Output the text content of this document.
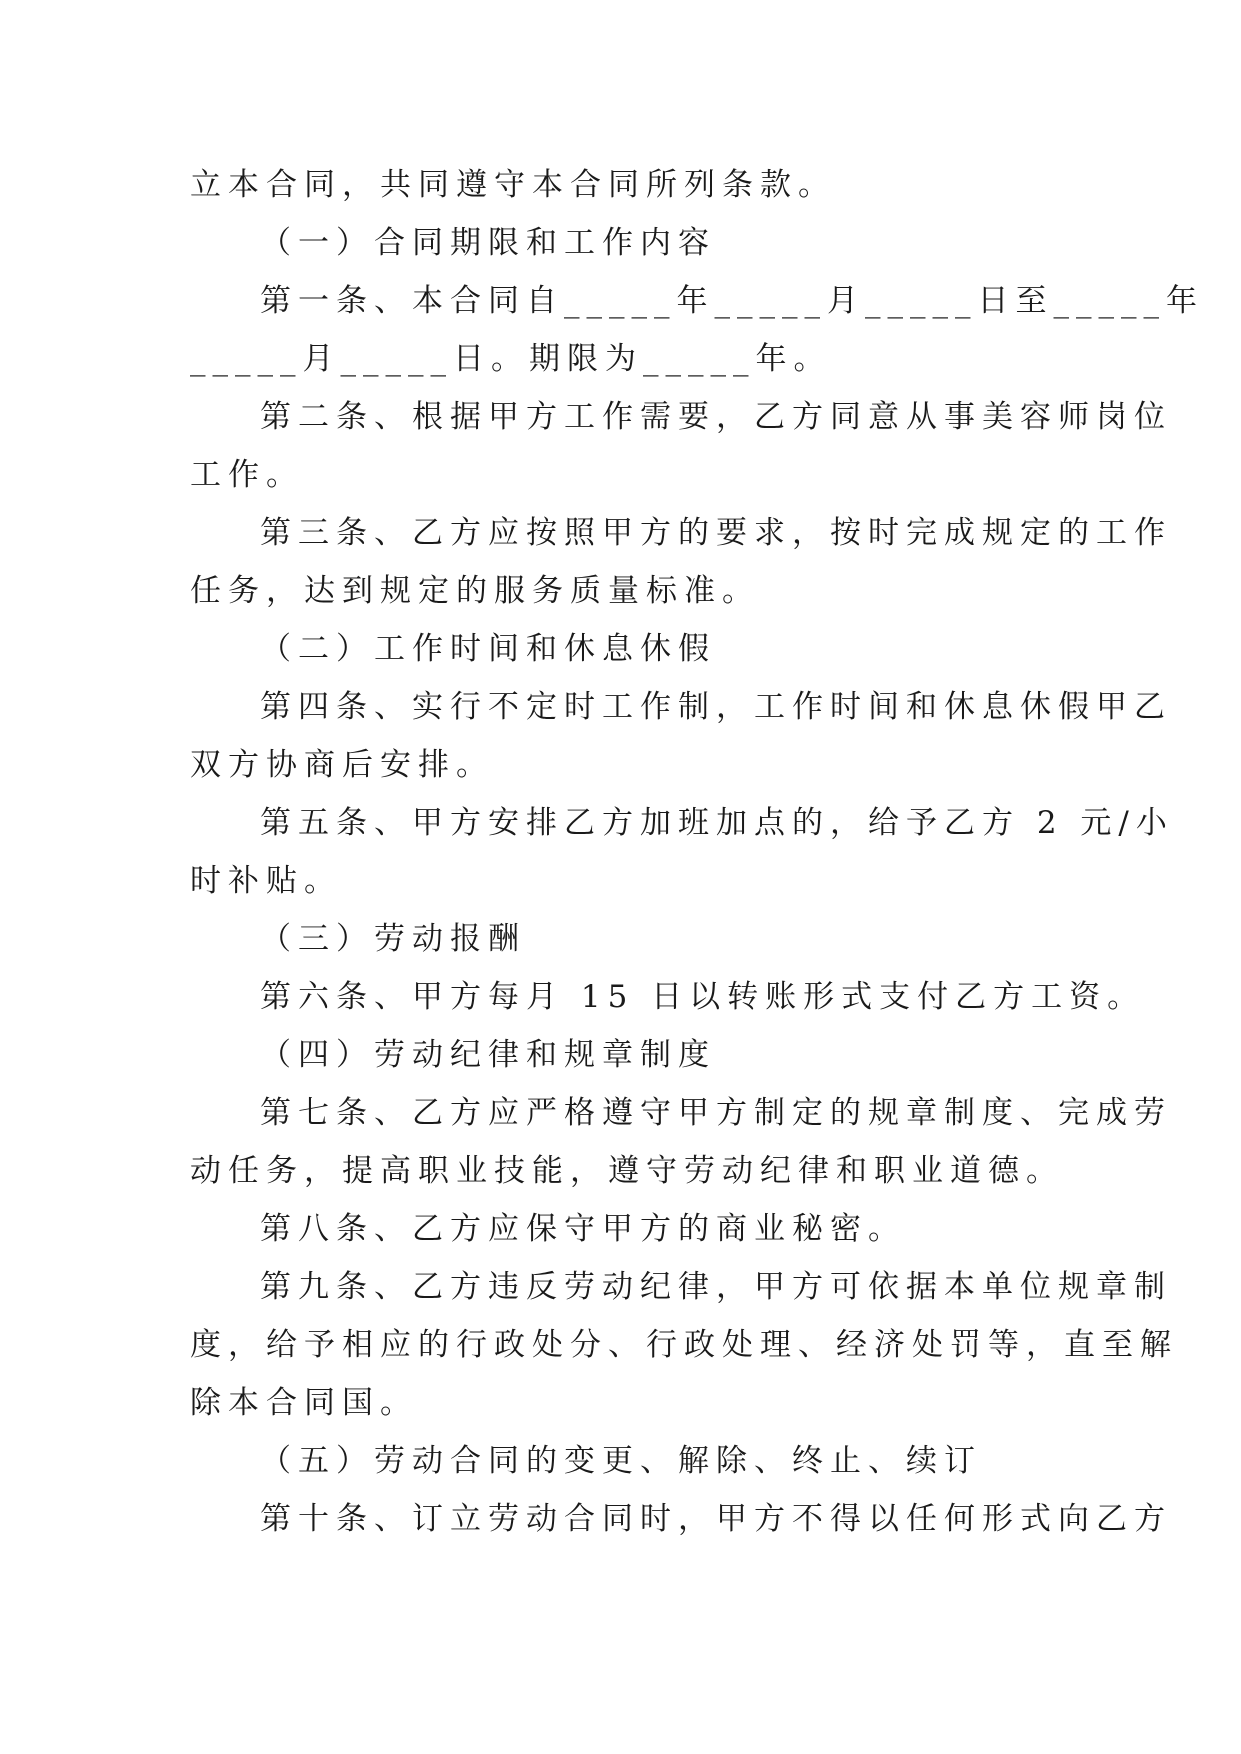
立本合同，共同遵守本合同所列条款。
（一）合同期限和工作内容
第一条、本合同自_____年_____月_____日至_____年
_____月_____日。期限为_____年。
第二条、根据甲方工作需要，乙方同意从事美容师岗位
工作。
第三条、乙方应按照甲方的要求，按时完成规定的工作
任务，达到规定的服务质量标准。
（二）工作时间和休息休假
第四条、实行不定时工作制，工作时间和休息休假甲乙
双方协商后安排。
第五条、甲方安排乙方加班加点的，给予乙方 2 元/小
时补贴。
（三）劳动报酬
第六条、甲方每月 15 日以转账形式支付乙方工资。
（四）劳动纪律和规章制度
第七条、乙方应严格遵守甲方制定的规章制度、完成劳
动任务，提高职业技能，遵守劳动纪律和职业道德。
第八条、乙方应保守甲方的商业秘密。
第九条、乙方违反劳动纪律，甲方可依据本单位规章制
度，给予相应的行政处分、行政处理、经济处罚等，直至解
除本合同国。
（五）劳动合同的变更、解除、终止、续订
第十条、订立劳动合同时，甲方不得以任何形式向乙方
